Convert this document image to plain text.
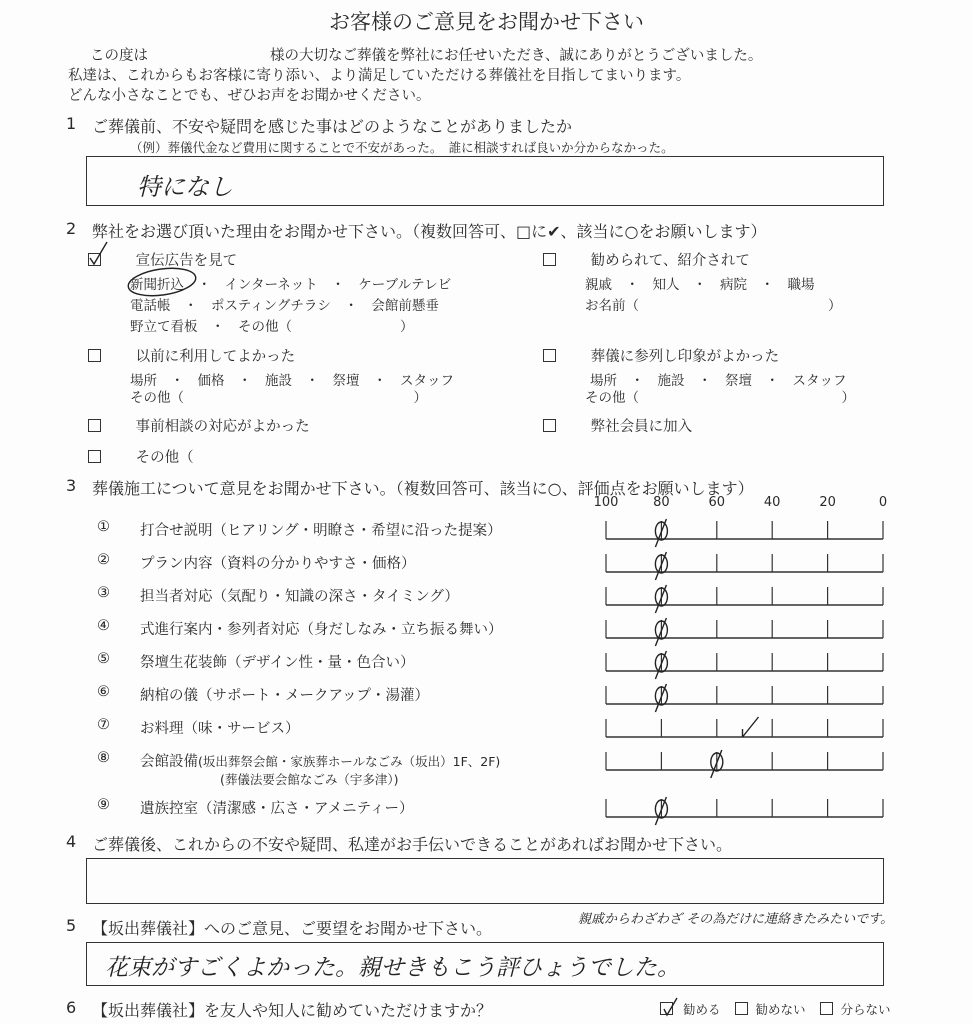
お客様のご意見をお聞かせ下さい
この度は	様の大切なご葬儀を弊社にお任せいただき、誠にありがとうございました。
私達は、これからもお客様に寄り添い、より満足していただける葬儀社を目指してまいります。
どんな小さなことでも、ぜひお声をお聞かせください。
1 ご葬儀前、不安や疑問を感じた事はどのようなことがありましたか
（例）葬儀代金など費用に関することで不安があった。　誰に相談すれば良いか分からなかった。
特になし
2 弊社をお選び頂いた理由をお聞かせ下さい。（複数回答可、□に✔、該当に○をお願いします）
宣伝広告を見て
新聞折込　・　インターネット　・　ケーブルテレビ
電話帳　・　ポスティングチラシ　・　会館前懸垂
野立て看板　・　その他（　　　　　　　　）
勧められて、紹介されて
親戚　・　知人　・　病院　・　職場
お名前（　　　　　　　　　　　　　　）
以前に利用してよかった
場所　・　価格　・　施設　・　祭壇　・　スタッフ
その他（　　　　　　　　　　　　　　　　　）
葬儀に参列し印象がよかった
場所　・　施設　・　祭壇　・　スタッフ
その他（　　　　　　　　　　　　　　　）
事前相談の対応がよかった	弊社会員に加入
その他（
3 葬儀施工について意見をお聞かせ下さい。（複数回答可、該当に○、評価点をお願いします）
100	80	60	40	20	0
① 打合せ説明（ヒアリング・明瞭さ・希望に沿った提案）
② プラン内容（資料の分かりやすさ・価格）
③ 担当者対応（気配り・知識の深さ・タイミング）
④ 式進行案内・参列者対応（身だしなみ・立ち振る舞い）
⑤ 祭壇生花装飾（デザイン性・量・色合い）
⑥ 納棺の儀（サポート・メークアップ・湯灌）
⑦ お料理（味・サービス）
⑧ 会館設備(坂出葬祭会館・家族葬ホールなごみ（坂出）1F、2F)
(葬儀法要会館なごみ（宇多津）)
⑨ 遺族控室（清潔感・広さ・アメニティー）
4 ご葬儀後、これからの不安や疑問、私達がお手伝いできることがあればお聞かせ下さい。
5 【坂出葬儀社】へのご意見、ご要望をお聞かせ下さい。	親戚からわざわざ その為だけに連絡きたみたいです。
花束がすごくよかった。親せきもこう評ひょうでした。
6 【坂出葬儀社】を友人や知人に勧めていただけますか？	勧める	勧めない	分らない
